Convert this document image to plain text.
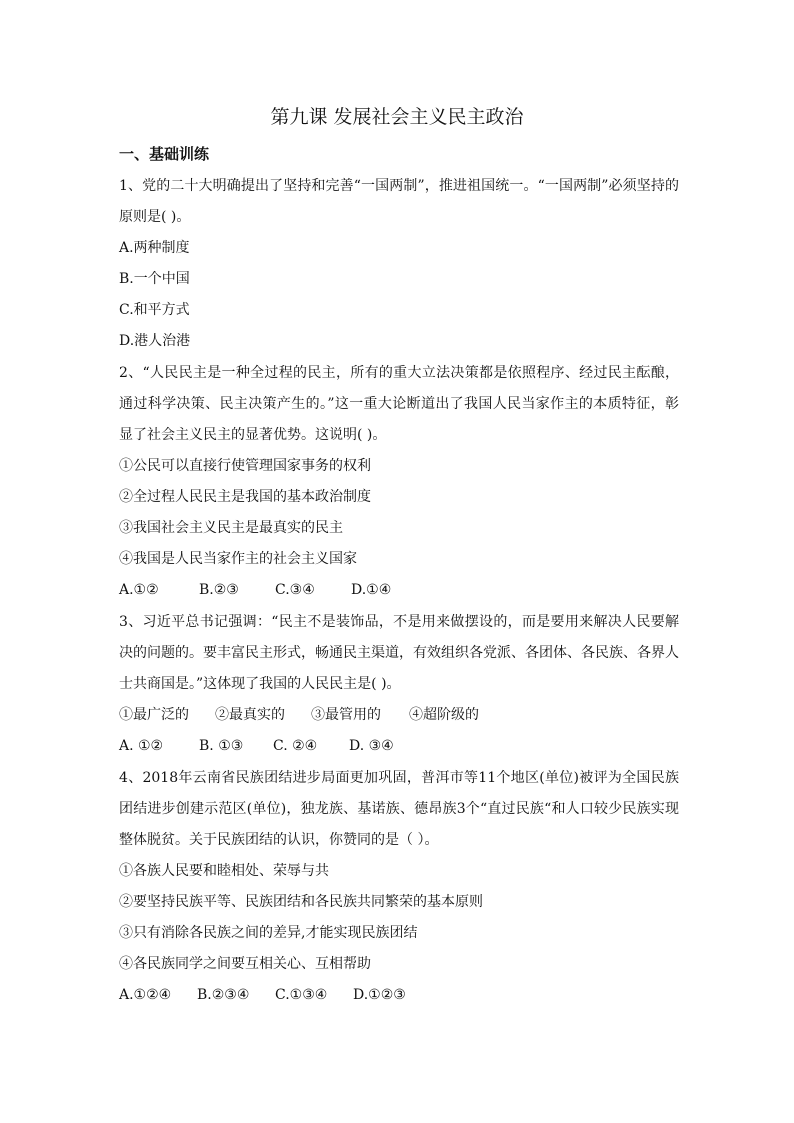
第九课 发展社会主义民主政治
一、基础训练
1、党的二十大明确提出了坚持和完善“一国两制”，推进祖国统一。“一国两制”必须坚持的原则是( )。
A.两种制度
B.一个中国
C.和平方式
D.港人治港
2、“人民民主是一种全过程的民主，所有的重大立法决策都是依照程序、经过民主酝酿，通过科学决策、民主决策产生的。”这一重大论断道出了我国人民当家作主的本质特征，彰显了社会主义民主的显著优势。这说明( )。
①公民可以直接行使管理国家事务的权利
②全过程人民民主是我国的基本政治制度
③我国社会主义民主是最真实的民主
④我国是人民当家作主的社会主义国家
A.①②	B.②③	C.③④	D.①④
3、习近平总书记强调：“民主不是装饰品，不是用来做摆设的，而是要用来解决人民要解决的问题的。要丰富民主形式，畅通民主渠道，有效组织各党派、各团体、各民族、各界人士共商国是。”这体现了我国的人民民主是( )。
①最广泛的 ②最真实的 ③最管用的 ④超阶级的
A. ①②	B. ①③ C. ②④ D. ③④
4、2018年云南省民族团结进步局面更加巩固，普洱市等11个地区(单位)被评为全国民族团结进步创建示范区(单位)，独龙族、基诺族、德昂族3个“直过民族“和人口较少民族实现整体脱贫。关于民族团结的认识，你赞同的是（ ）。
①各族人民要和睦相处、荣辱与共
②要坚持民族平等、民族团结和各民族共同繁荣的基本原则
③只有消除各民族之间的差异,才能实现民族团结
④各民族同学之间要互相关心、互相帮助
A.①②④ B.②③④ C.①③④ D.①②③
